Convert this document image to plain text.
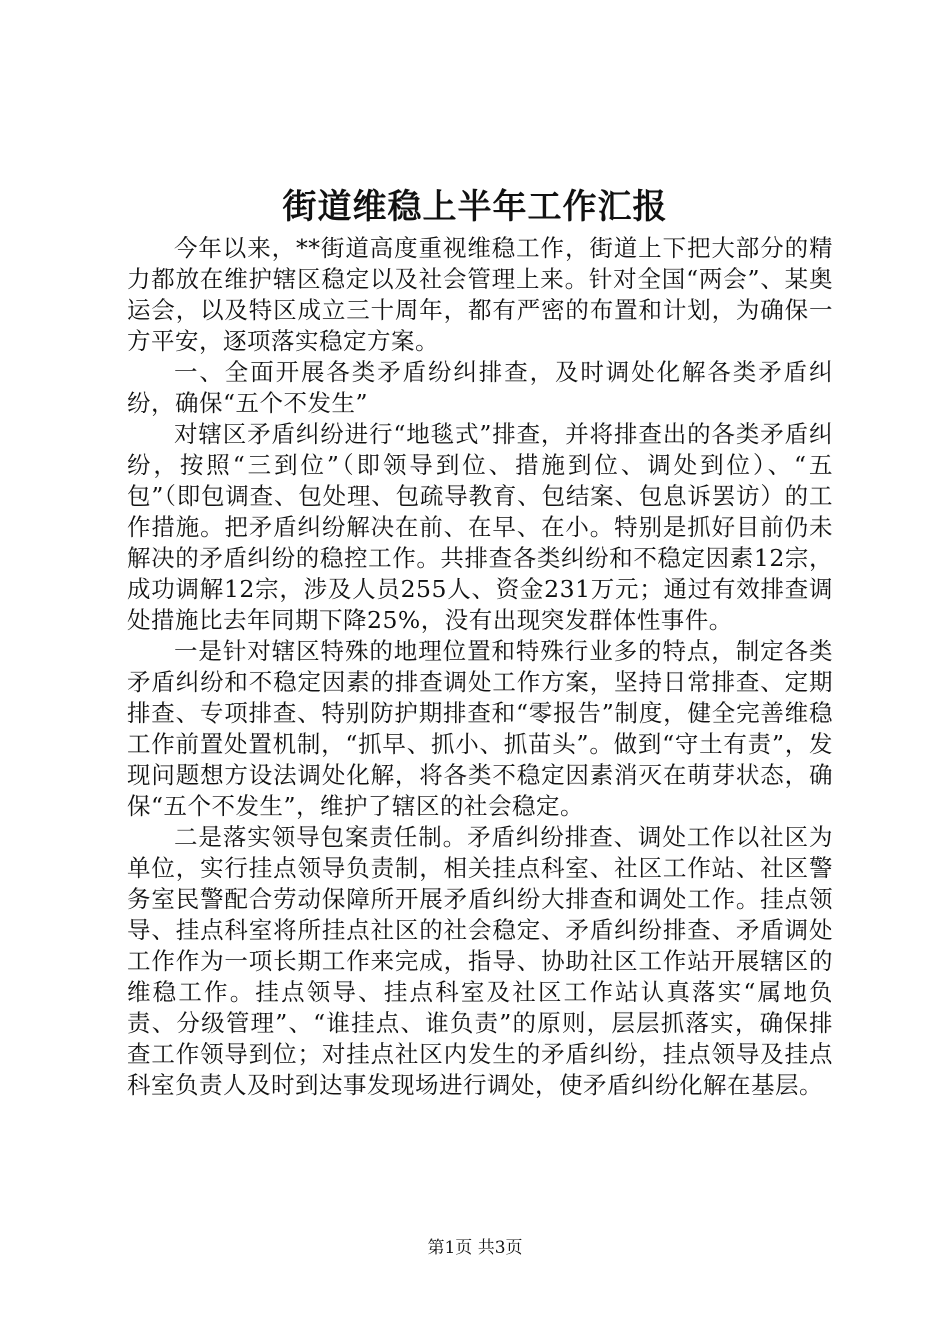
街道维稳上半年工作汇报

今年以来，**街道高度重视维稳工作，街道上下把大部分的精力都放在维护辖区稳定以及社会管理上来。针对全国“两会”、某奥运会，以及特区成立三十周年，都有严密的布置和计划，为确保一方平安，逐项落实稳定方案。

一、全面开展各类矛盾纷纠排查，及时调处化解各类矛盾纠纷，确保“五个不发生”

对辖区矛盾纠纷进行“地毯式”排查，并将排查出的各类矛盾纠纷，按照“三到位”（即领导到位、措施到位、调处到位）、“五包”（即包调查、包处理、包疏导教育、包结案、包息诉罢访）的工作措施。把矛盾纠纷解决在前、在早、在小。特别是抓好目前仍未解决的矛盾纠纷的稳控工作。共排查各类纠纷和不稳定因素12宗，成功调解12宗，涉及人员255人、资金231万元；通过有效排查调处措施比去年同期下降25%，没有出现突发群体性事件。

一是针对辖区特殊的地理位置和特殊行业多的特点，制定各类矛盾纠纷和不稳定因素的排查调处工作方案，坚持日常排查、定期排查、专项排查、特别防护期排查和“零报告”制度，健全完善维稳工作前置处置机制，“抓早、抓小、抓苗头”。做到“守土有责”，发现问题想方设法调处化解，将各类不稳定因素消灭在萌芽状态，确保“五个不发生”，维护了辖区的社会稳定。

二是落实领导包案责任制。矛盾纠纷排查、调处工作以社区为单位，实行挂点领导负责制，相关挂点科室、社区工作站、社区警务室民警配合劳动保障所开展矛盾纠纷大排查和调处工作。挂点领导、挂点科室将所挂点社区的社会稳定、矛盾纠纷排查、矛盾调处工作作为一项长期工作来完成，指导、协助社区工作站开展辖区的维稳工作。挂点领导、挂点科室及社区工作站认真落实“属地负责、分级管理”、“谁挂点、谁负责”的原则，层层抓落实，确保排查工作领导到位；对挂点社区内发生的矛盾纠纷，挂点领导及挂点科室负责人及时到达事发现场进行调处，使矛盾纠纷化解在基层。

第1页 共3页
